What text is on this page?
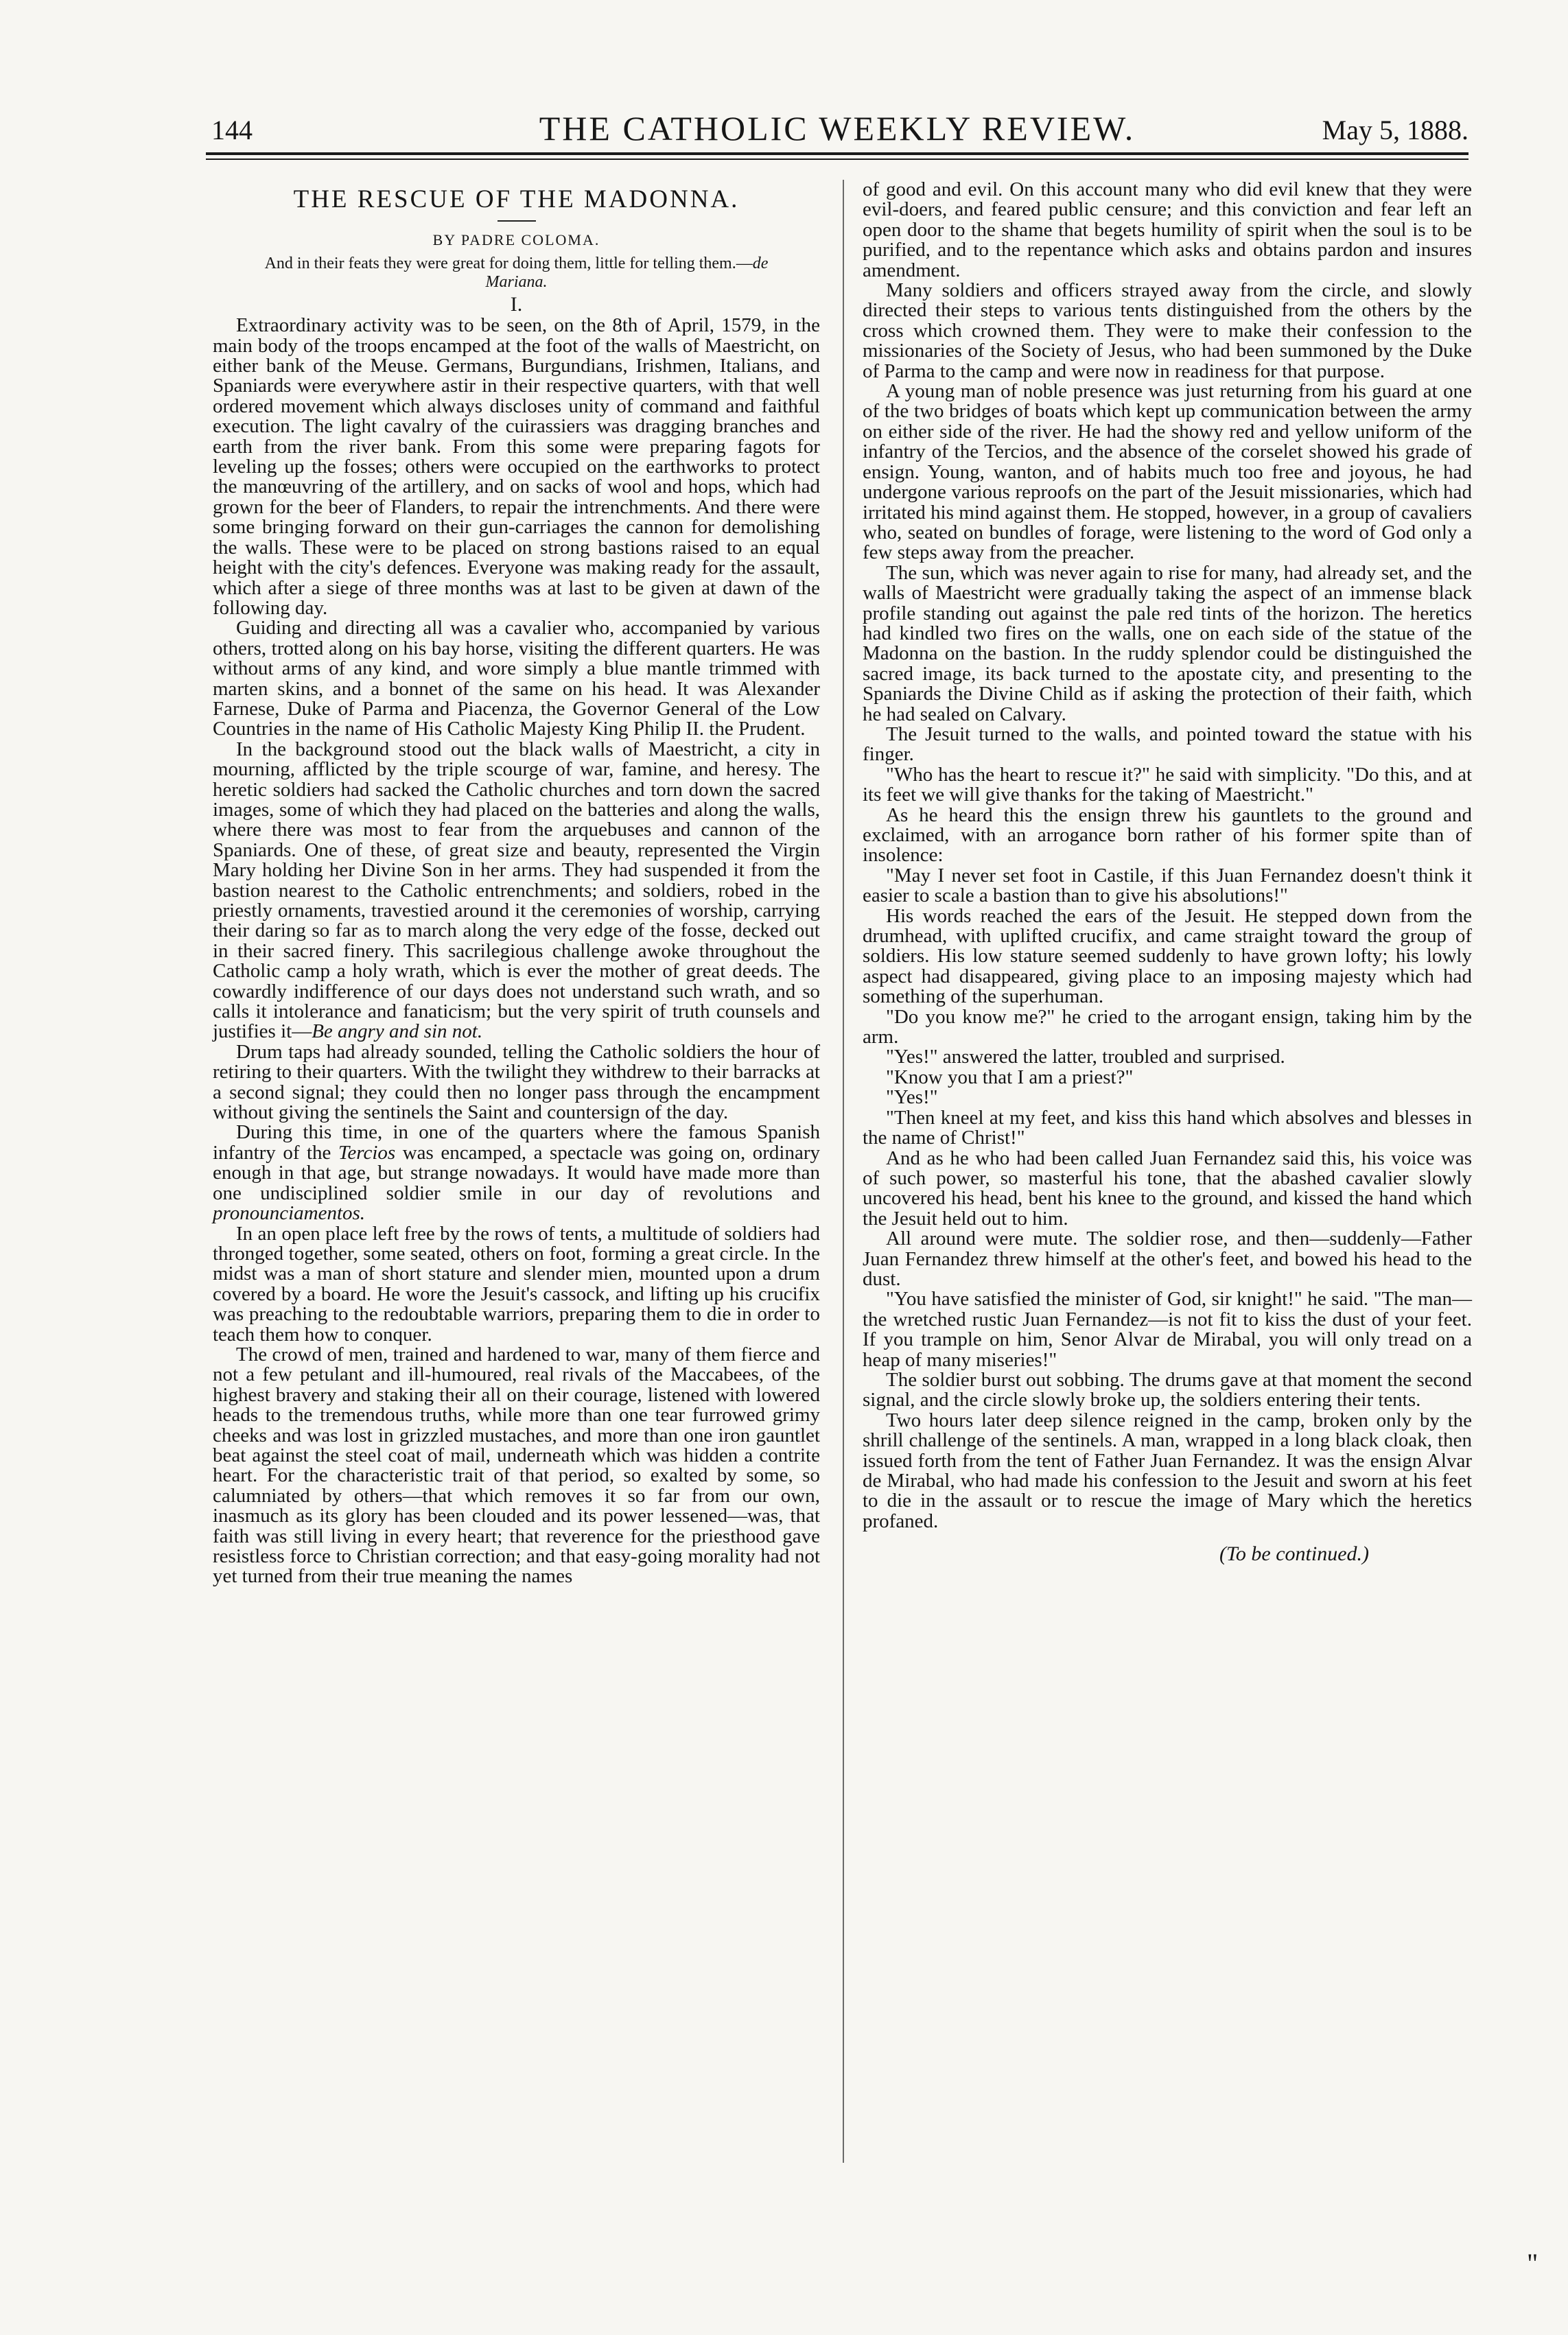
144	THE CATHOLIC WEEKLY REVIEW.	May 5, 1888.
THE RESCUE OF THE MADONNA.
BY PADRE COLOMA.
And in their feats they were great for doing them, little for telling them.—de Mariana.
I.

Extraordinary activity was to be seen, on the 8th of April, 1579, in the main body of the troops encamped at the foot of the walls of Maestricht, on either bank of the Meuse. Germans, Burgundians, Irishmen, Italians, and Spaniards were everywhere astir in their respective quarters, with that well ordered movement which always discloses unity of command and faithful execution. The light cavalry of the cuirassiers was dragging branches and earth from the river bank. From this some were preparing fagots for leveling up the fosses; others were occupied on the earthworks to protect the manœuvring of the artillery, and on sacks of wool and hops, which had grown for the beer of Flanders, to repair the intrenchments. And there were some bringing forward on their gun-carriages the cannon for demolishing the walls. These were to be placed on strong bastions raised to an equal height with the city's defences. Everyone was making ready for the assault, which after a siege of three months was at last to be given at dawn of the following day.

Guiding and directing all was a cavalier who, accompanied by various others, trotted along on his bay horse, visiting the different quarters. He was without arms of any kind, and wore simply a blue mantle trimmed with marten skins, and a bonnet of the same on his head. It was Alexander Farnese, Duke of Parma and Piacenza, the Governor General of the Low Countries in the name of His Catholic Majesty King Philip II. the Prudent.

In the background stood out the black walls of Maestricht, a city in mourning, afflicted by the triple scourge of war, famine, and heresy. The heretic soldiers had sacked the Catholic churches and torn down the sacred images, some of which they had placed on the batteries and along the walls, where there was most to fear from the arquebuses and cannon of the Spaniards. One of these, of great size and beauty, represented the Virgin Mary holding her Divine Son in her arms. They had suspended it from the bastion nearest to the Catholic entrenchments; and soldiers, robed in the priestly ornaments, travestied around it the ceremonies of worship, carrying their daring so far as to march along the very edge of the fosse, decked out in their sacred finery. This sacrilegious challenge awoke throughout the Catholic camp a holy wrath, which is ever the mother of great deeds. The cowardly indifference of our days does not understand such wrath, and so calls it intolerance and fanaticism; but the very spirit of truth counsels and justifies it—Be angry and sin not.

Drum taps had already sounded, telling the Catholic soldiers the hour of retiring to their quarters. With the twilight they withdrew to their barracks at a second signal; they could then no longer pass through the encampment without giving the sentinels the Saint and countersign of the day.

During this time, in one of the quarters where the famous Spanish infantry of the Tercios was encamped, a spectacle was going on, ordinary enough in that age, but strange nowadays. It would have made more than one undisciplined soldier smile in our day of revolutions and pronounciamentos.

In an open place left free by the rows of tents, a multitude of soldiers had thronged together, some seated, others on foot, forming a great circle. In the midst was a man of short stature and slender mien, mounted upon a drum covered by a board. He wore the Jesuit's cassock, and lifting up his crucifix was preaching to the redoubtable warriors, preparing them to die in order to teach them how to conquer.

The crowd of men, trained and hardened to war, many of them fierce and not a few petulant and ill-humoured, real rivals of the Maccabees, of the highest bravery and staking their all on their courage, listened with lowered heads to the tremendous truths, while more than one tear furrowed grimy cheeks and was lost in grizzled mustaches, and more than one iron gauntlet beat against the steel coat of mail, underneath which was hidden a contrite heart. For the characteristic trait of that period, so exalted by some, so calumniated by others—that which removes it so far from our own, inasmuch as its glory has been clouded and its power lessened—was, that faith was still living in every heart; that reverence for the priesthood gave resistless force to Christian correction; and that easy-going morality had not yet turned from their true meaning the names

of good and evil. On this account many who did evil knew that they were evil-doers, and feared public censure; and this conviction and fear left an open door to the shame that begets humility of spirit when the soul is to be purified, and to the repentance which asks and obtains pardon and insures amendment.

Many soldiers and officers strayed away from the circle, and slowly directed their steps to various tents distinguished from the others by the cross which crowned them. They were to make their confession to the missionaries of the Society of Jesus, who had been summoned by the Duke of Parma to the camp and were now in readiness for that purpose.

A young man of noble presence was just returning from his guard at one of the two bridges of boats which kept up communication between the army on either side of the river. He had the showy red and yellow uniform of the infantry of the Tercios, and the absence of the corselet showed his grade of ensign. Young, wanton, and of habits much too free and joyous, he had undergone various reproofs on the part of the Jesuit missionaries, which had irritated his mind against them. He stopped, however, in a group of cavaliers who, seated on bundles of forage, were listening to the word of God only a few steps away from the preacher.

The sun, which was never again to rise for many, had already set, and the walls of Maestricht were gradually taking the aspect of an immense black profile standing out against the pale red tints of the horizon. The heretics had kindled two fires on the walls, one on each side of the statue of the Madonna on the bastion. In the ruddy splendor could be distinguished the sacred image, its back turned to the apostate city, and presenting to the Spaniards the Divine Child as if asking the protection of their faith, which he had sealed on Calvary.

The Jesuit turned to the walls, and pointed toward the statue with his finger.

"Who has the heart to rescue it?" he said with simplicity. "Do this, and at its feet we will give thanks for the taking of Maestricht."

As he heard this the ensign threw his gauntlets to the ground and exclaimed, with an arrogance born rather of his former spite than of insolence:

"May I never set foot in Castile, if this Juan Fernandez doesn't think it easier to scale a bastion than to give his absolutions!"

His words reached the ears of the Jesuit. He stepped down from the drumhead, with uplifted crucifix, and came straight toward the group of soldiers. His low stature seemed suddenly to have grown lofty; his lowly aspect had disappeared, giving place to an imposing majesty which had something of the superhuman.

"Do you know me?" he cried to the arrogant ensign, taking him by the arm.

"Yes!" answered the latter, troubled and surprised.

"Know you that I am a priest?"

"Yes!"

"Then kneel at my feet, and kiss this hand which absolves and blesses in the name of Christ!"

And as he who had been called Juan Fernandez said this, his voice was of such power, so masterful his tone, that the abashed cavalier slowly uncovered his head, bent his knee to the ground, and kissed the hand which the Jesuit held out to him.

All around were mute. The soldier rose, and then—suddenly—Father Juan Fernandez threw himself at the other's feet, and bowed his head to the dust.

"You have satisfied the minister of God, sir knight!" he said. "The man—the wretched rustic Juan Fernandez—is not fit to kiss the dust of your feet. If you trample on him, Senor Alvar de Mirabal, you will only tread on a heap of many miseries!"

The soldier burst out sobbing. The drums gave at that moment the second signal, and the circle slowly broke up, the soldiers entering their tents.

Two hours later deep silence reigned in the camp, broken only by the shrill challenge of the sentinels. A man, wrapped in a long black cloak, then issued forth from the tent of Father Juan Fernandez. It was the ensign Alvar de Mirabal, who had made his confession to the Jesuit and sworn at his feet to die in the assault or to rescue the image of Mary which the heretics profaned.

(To be continued.)
"
